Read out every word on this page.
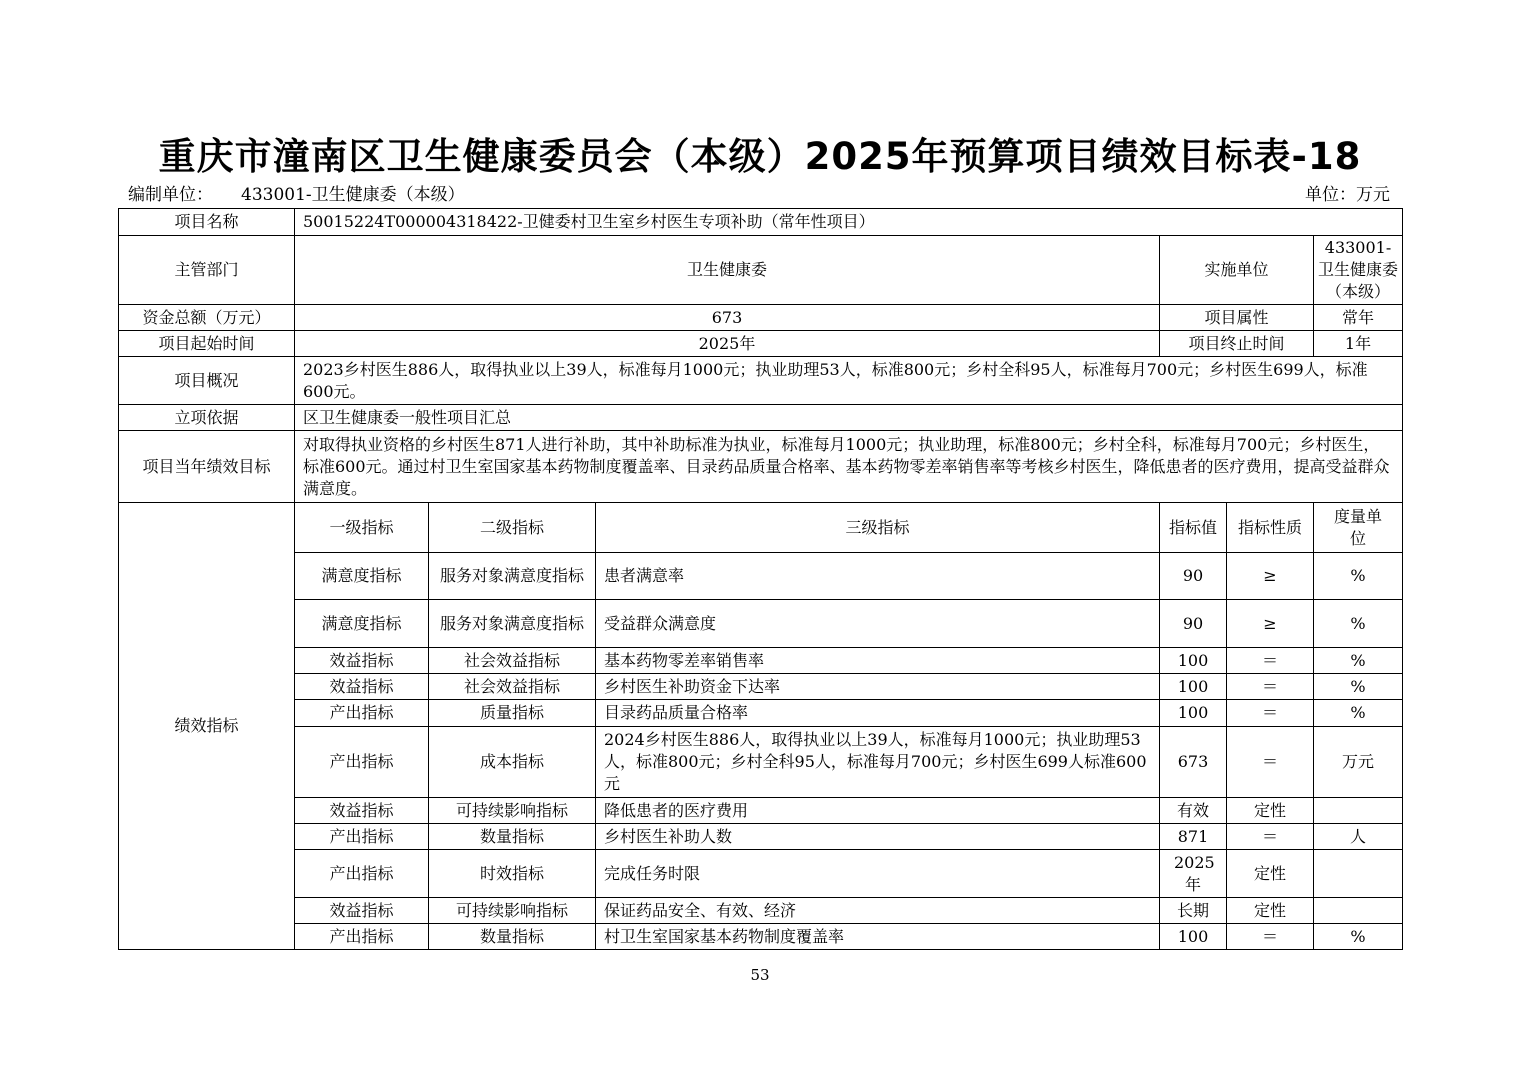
重庆市潼南区卫生健康委员会（本级）2025年预算项目绩效目标表-18
编制单位： 433001-卫生健康委（本级）	单位：万元
项目名称	50015224T000004318422-卫健委村卫生室乡村医生专项补助（常年性项目）					
主管部门	卫生健康委			实施单位		433001-卫生健康委（本级）
资金总额（万元）	673			项目属性		常年
项目起始时间	2025年			项目终止时间		1年
项目概况	2023乡村医生886人，取得执业以上39人，标准每月1000元；执业助理53人，标准800元；乡村全科95人，标准每月700元；乡村医生699人，标准600元。					
立项依据	区卫生健康委一般性项目汇总					
项目当年绩效目标	对取得执业资格的乡村医生871人进行补助，其中补助标准为执业，标准每月1000元；执业助理，标准800元；乡村全科，标准每月700元；乡村医生，标准600元。通过村卫生室国家基本药物制度覆盖率、目录药品质量合格率、基本药物零差率销售率等考核乡村医生，降低患者的医疗费用，提高受益群众满意度。					
绩效指标	一级指标	二级指标	三级指标	指标值	指标性质	度量单位
	满意度指标	服务对象满意度指标	患者满意率	90	≥	%
	满意度指标	服务对象满意度指标	受益群众满意度	90	≥	%
	效益指标	社会效益指标	基本药物零差率销售率	100	＝	%
	效益指标	社会效益指标	乡村医生补助资金下达率	100	＝	%
	产出指标	质量指标	目录药品质量合格率	100	＝	%
	产出指标	成本指标	2024乡村医生886人，取得执业以上39人，标准每月1000元；执业助理53人，标准800元；乡村全科95人，标准每月700元；乡村医生699人标准600元	673	＝	万元
	效益指标	可持续影响指标	降低患者的医疗费用	有效	定性	
	产出指标	数量指标	乡村医生补助人数	871	＝	人
	产出指标	时效指标	完成任务时限	2025年	定性	
	效益指标	可持续影响指标	保证药品安全、有效、经济	长期	定性	
	产出指标	数量指标	村卫生室国家基本药物制度覆盖率	100	＝	%
53
